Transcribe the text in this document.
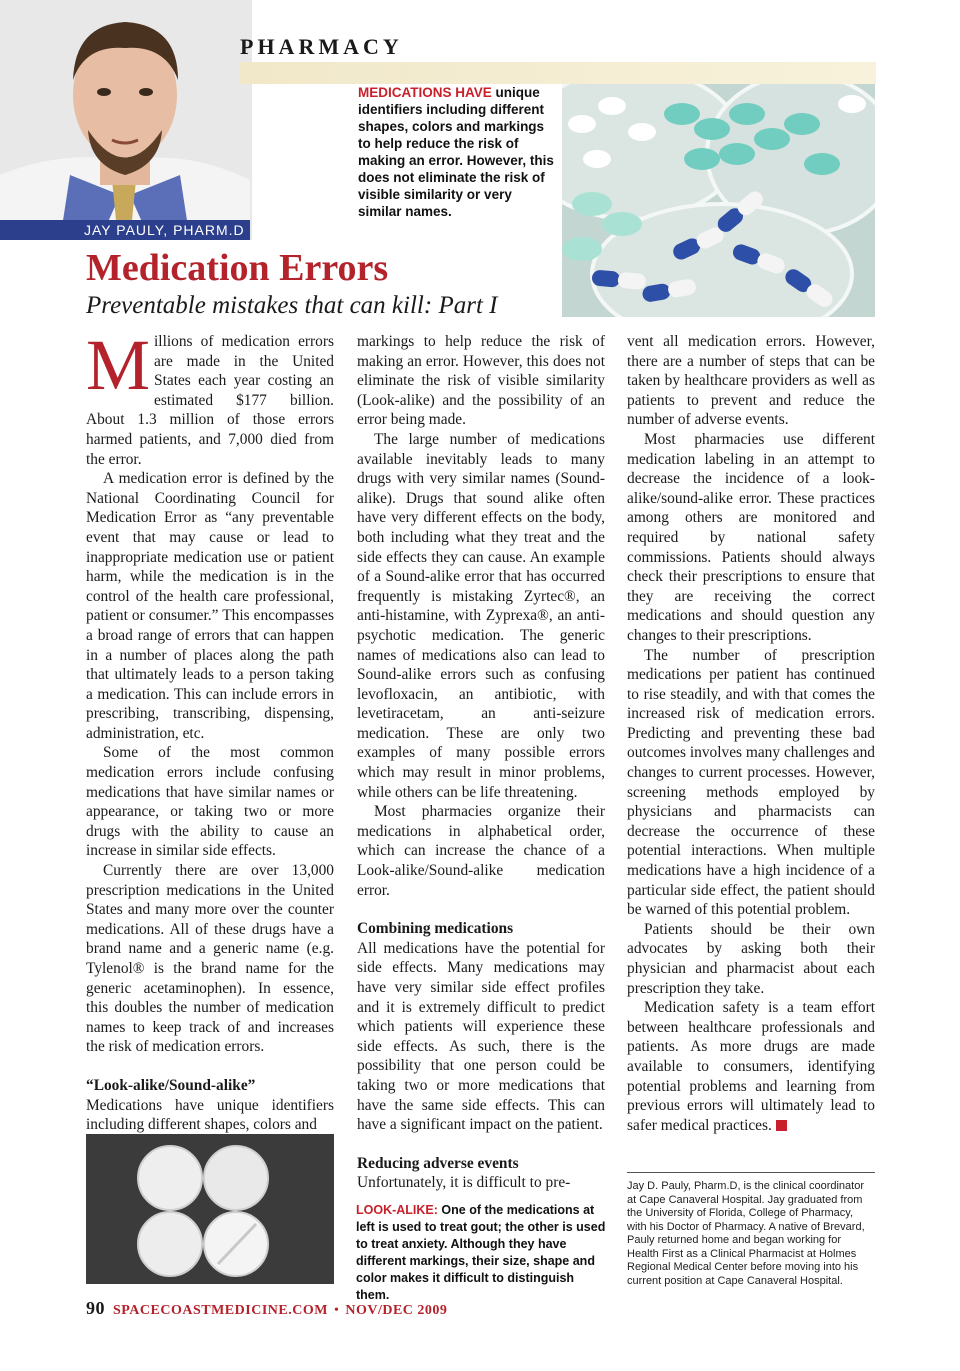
JAY PAULY, PHARM.D
PHARMACY
MEDICATIONS HAVE unique identifiers including different shapes, colors and markings to help reduce the risk of making an error. However, this does not eliminate the risk of visible similarity or very similar names.
Medication Errors
Preventable mistakes that can kill: Part I

Millions of medication errors are made in the United States each year costing an estimated $177 billion. About 1.3 million of those errors harmed patients, and 7,000 died from the error.

A medication error is defined by the National Coordinating Council for Medication Error as “any preventable event that may cause or lead to inappropriate medication use or patient harm, while the medication is in the control of the health care professional, patient or consumer.” This encompasses a broad range of errors that can happen in a number of places along the path that ultimately leads to a person taking a medication. This can include errors in prescribing, transcribing, dispensing, administration, etc.

Some of the most common medication errors include confusing medications that have similar names or appearance, or taking two or more drugs with the ability to cause an increase in similar side effects.

Currently there are over 13,000 prescription medications in the United States and many more over the counter medications. All of these drugs have a brand name and a generic name (e.g. Tylenol® is the brand name for the generic acetaminophen). In essence, this doubles the number of medication names to keep track of and increases the risk of medication errors.

“Look-alike/Sound-alike”

Medications have unique identifiers including different shapes, colors and

markings to help reduce the risk of making an error. However, this does not eliminate the risk of visible similarity (Look-alike) and the possibility of an error being made.

The large number of medications available inevitably leads to many drugs with very similar names (Sound-alike). Drugs that sound alike often have very different effects on the body, both including what they treat and the side effects they can cause. An example of a Sound-alike error that has occurred frequently is mistaking Zyrtec®, an anti-histamine, with Zyprexa®, an anti-psychotic medication. The generic names of medications also can lead to Sound-alike errors such as confusing levofloxacin, an antibiotic, with levetiracetam, an anti-seizure medication. These are only two examples of many possible errors which may result in minor problems, while others can be life threatening.

Most pharmacies organize their medications in alphabetical order, which can increase the chance of a Look-alike/Sound-alike medication error.

Combining medications

All medications have the potential for side effects. Many medications may have very similar side effect profiles and it is extremely difficult to predict which patients will experience these side effects. As such, there is the possibility that one person could be taking two or more medications that have the same side effects. This can have a significant impact on the patient.

Reducing adverse events

Unfortunately, it is difficult to pre-

LOOK-ALIKE: One of the medications at left is used to treat gout; the other is used to treat anxiety. Although they have different markings, their size, shape and color makes it difficult to distinguish them.

vent all medication errors. However, there are a number of steps that can be taken by healthcare providers as well as patients to prevent and reduce the number of adverse events.

Most pharmacies use different medication labeling in an attempt to decrease the incidence of a look-alike/sound-alike error. These practices among others are monitored and required by national safety commissions. Patients should always check their prescriptions to ensure that they are receiving the correct medications and should question any changes to their prescriptions.

The number of prescription medications per patient has continued to rise steadily, and with that comes the increased risk of medication errors. Predicting and preventing these bad outcomes involves many challenges and changes to current processes. However, screening methods employed by physicians and pharmacists can decrease the occurrence of these potential interactions. When multiple medications have a high incidence of a particular side effect, the patient should be warned of this potential problem.

Patients should be their own advocates by asking both their physician and pharmacist about each prescription they take.

Medication safety is a team effort between healthcare professionals and patients. As more drugs are made available to consumers, identifying potential problems and learning from previous errors will ultimately lead to safer medical practices.

Jay D. Pauly, Pharm.D, is the clinical coordinator at Cape Canaveral Hospital. Jay graduated from the University of Florida, College of Pharmacy, with his Doctor of Pharmacy. A native of Brevard, Pauly returned home and began working for Health First as a Clinical Pharmacist at Holmes Regional Medical Center before moving into his current position at Cape Canaveral Hospital.
90 SPACECOASTMEDICINE.COM • NOV/DEC 2009
